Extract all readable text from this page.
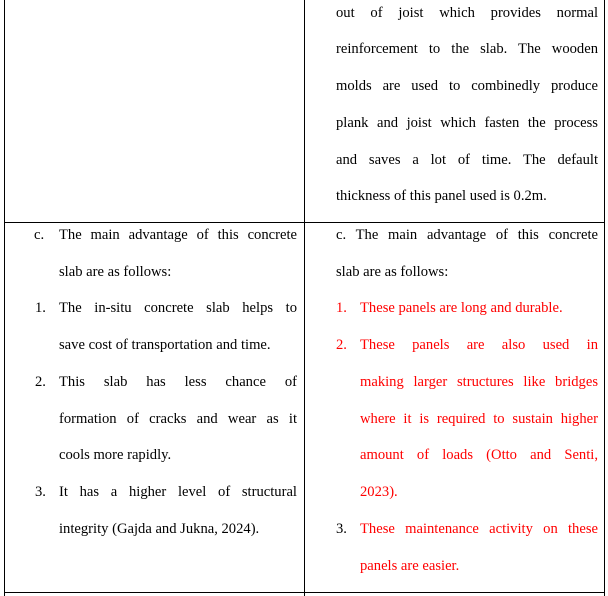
out of joist which provides normal
reinforcement to the slab. The wooden
molds are used to combinedly produce
plank and joist which fasten the process
and saves a lot of time. The default
thickness of this panel used is 0.2m.
c. The main advantage of this concrete
slab are as follows:
1. The in-situ concrete slab helps to
save cost of transportation and time.
2. This slab has less chance of
formation of cracks and wear as it
cools more rapidly.
3. It has a higher level of structural
integrity (Gajda and Jukna, 2024).
c. The main advantage of this concrete
slab are as follows:
1. These panels are long and durable.
2. These panels are also used in
making larger structures like bridges
where it is required to sustain higher
amount of loads (Otto and Senti,
2023).
3. These maintenance activity on these
panels are easier.
